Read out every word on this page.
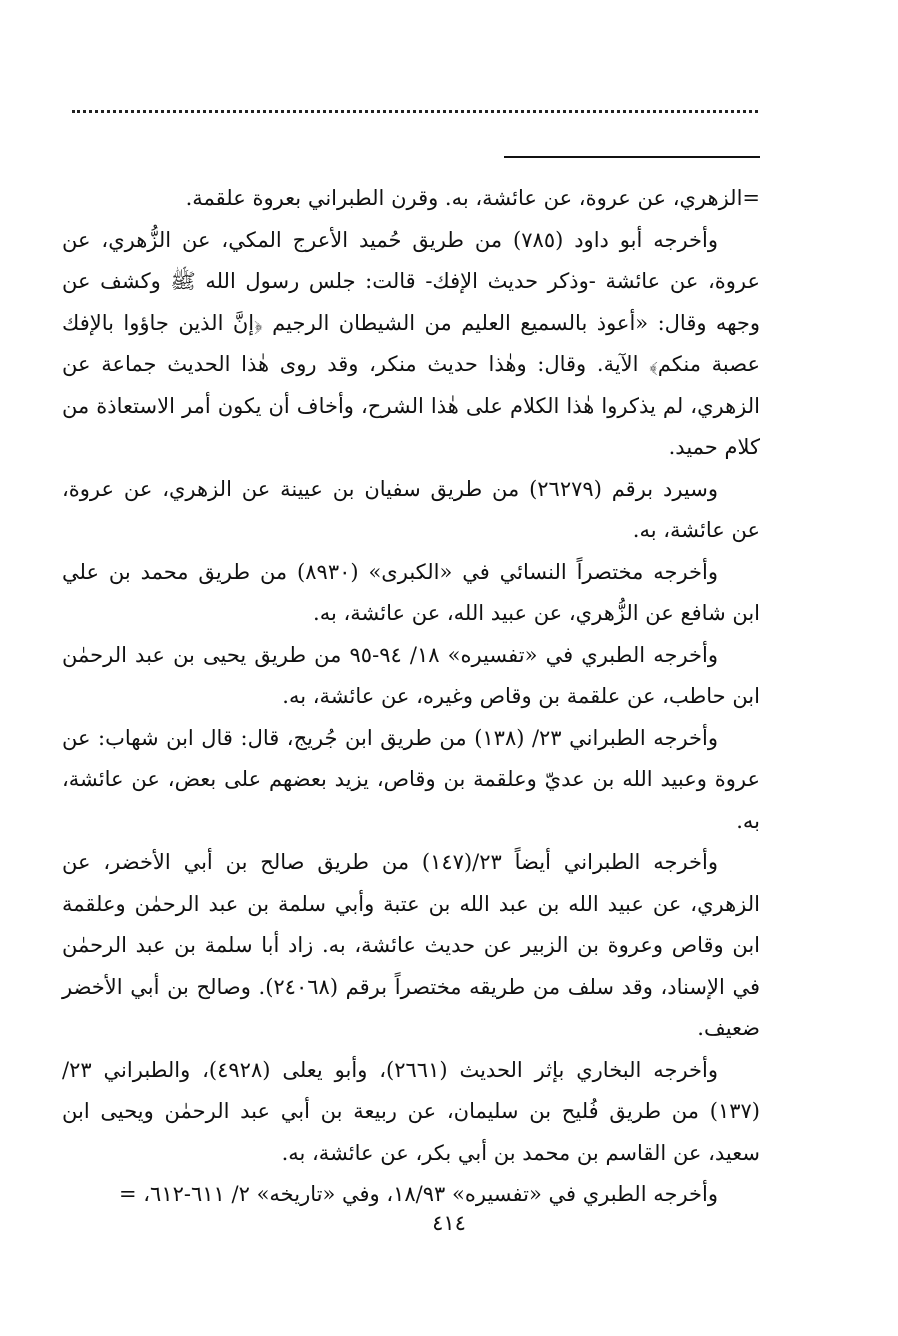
=الزهري، عن عروة، عن عائشة، به. وقرن الطبراني بعروة علقمة.

وأخرجه أبو داود (٧٨٥) من طريق حُميد الأعرج المكي، عن الزُّهري، عن عروة، عن عائشة -وذكر حديث الإفك- قالت: جلس رسول الله ﷺ وكشف عن وجهه وقال: «أعوذ بالسميع العليم من الشيطان الرجيم ﴿إنَّ الذين جاؤوا بالإفك عصبة منكم﴾ الآية. وقال: وهٰذا حديث منكر، وقد روى هٰذا الحديث جماعة عن الزهري، لم يذكروا هٰذا الكلام على هٰذا الشرح، وأخاف أن يكون أمر الاستعاذة من كلام حميد.

وسيرد برقم (٢٦٢٧٩) من طريق سفيان بن عيينة عن الزهري، عن عروة، عن عائشة، به.

وأخرجه مختصراً النسائي في «الكبرى» (٨٩٣٠) من طريق محمد بن علي ابن شافع عن الزُّهري، عن عبيد الله، عن عائشة، به.

وأخرجه الطبري في «تفسيره» ١٨/ ٩٤-٩٥ من طريق يحيى بن عبد الرحمٰن ابن حاطب، عن علقمة بن وقاص وغيره، عن عائشة، به.

وأخرجه الطبراني ٢٣/ (١٣٨) من طريق ابن جُريج، قال: قال ابن شهاب: عن عروة وعبيد الله بن عديّ وعلقمة بن وقاص، يزيد بعضهم على بعض، عن عائشة، به.

وأخرجه الطبراني أيضاً ٢٣/(١٤٧) من طريق صالح بن أبي الأخضر، عن الزهري، عن عبيد الله بن عبد الله بن عتبة وأبي سلمة بن عبد الرحمٰن وعلقمة ابن وقاص وعروة بن الزبير عن حديث عائشة، به. زاد أبا سلمة بن عبد الرحمٰن في الإسناد، وقد سلف من طريقه مختصراً برقم (٢٤٠٦٨). وصالح بن أبي الأخضر ضعيف.

وأخرجه البخاري بإثر الحديث (٢٦٦١)، وأبو يعلى (٤٩٢٨)، والطبراني ٢٣/ (١٣٧) من طريق فُليح بن سليمان، عن ربيعة بن أبي عبد الرحمٰن ويحيى ابن سعيد، عن القاسم بن محمد بن أبي بكر، عن عائشة، به.

وأخرجه الطبري في «تفسيره» ١٨/٩٣، وفي «تاريخه» ٢/ ٦١١-٦١٢، =

٤١٤
